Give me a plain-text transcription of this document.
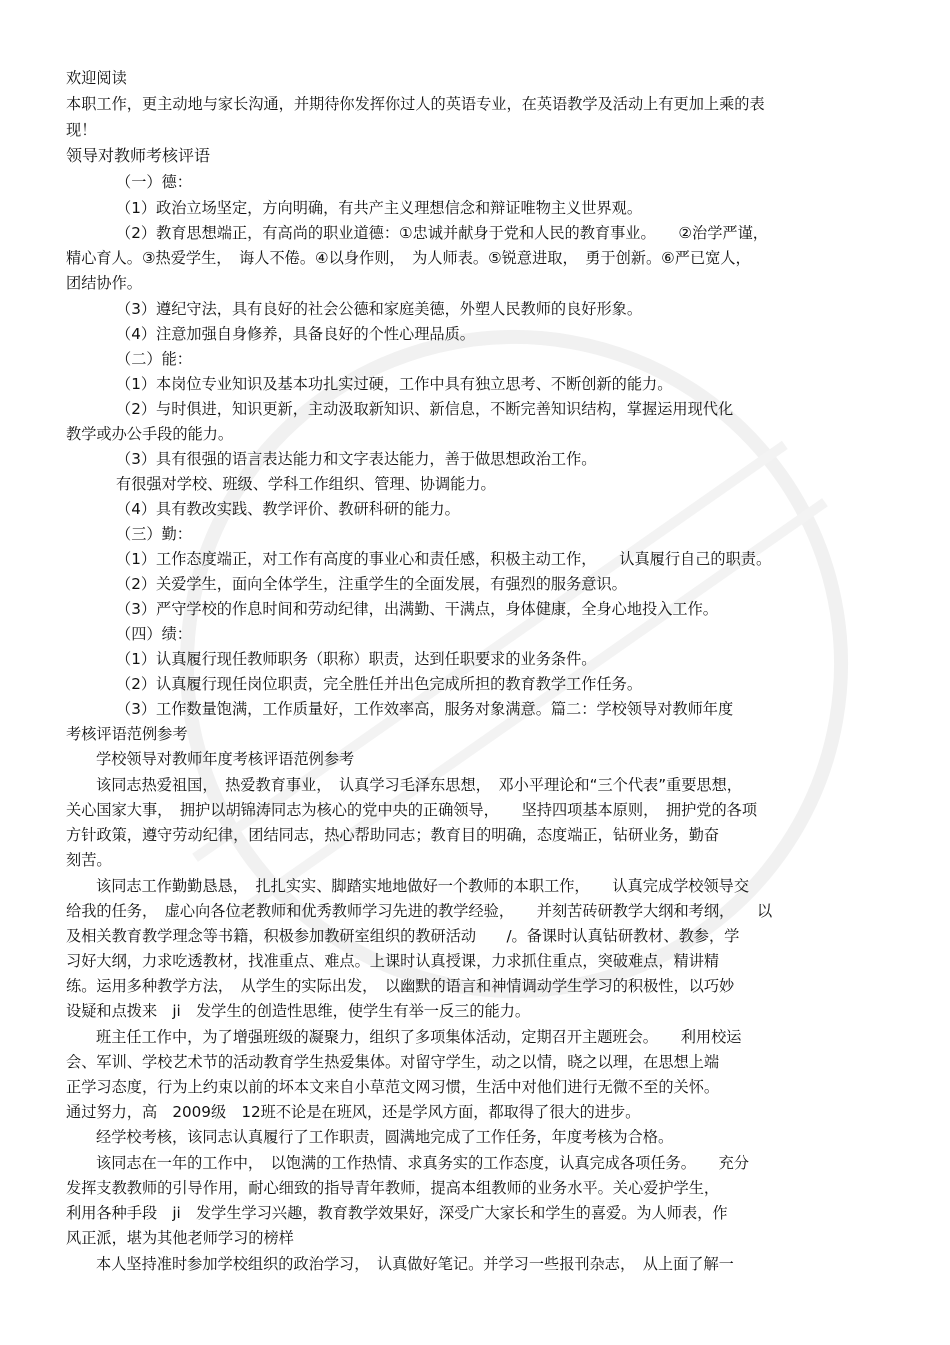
欢迎阅读
本职工作，更主动地与家长沟通，并期待你发挥你过人的英语专业，在英语教学及活动上有更加上乘的表
现！
领导对教师考核评语
（一）德：
（1）政治立场坚定，方向明确，有共产主义理想信念和辩证唯物主义世界观。
（2）教育思想端正，有高尚的职业道德：①忠诚并献身于党和人民的教育事业。　　②治学严谨，
精心育人。③热爱学生，　诲人不倦。④以身作则，　为人师表。⑤锐意进取，　勇于创新。⑥严已宽人，
团结协作。
（3）遵纪守法，具有良好的社会公德和家庭美德，外塑人民教师的良好形象。
（4）注意加强自身修养，具备良好的个性心理品质。
（二）能：
（1）本岗位专业知识及基本功扎实过硬，工作中具有独立思考、不断创新的能力。
（2）与时俱进，知识更新，主动汲取新知识、新信息，不断完善知识结构，掌握运用现代化
教学或办公手段的能力。
（3）具有很强的语言表达能力和文字表达能力，善于做思想政治工作。
有很强对学校、班级、学科工作组织、管理、协调能力。
（4）具有教改实践、教学评价、教研科研的能力。
（三）勤：
（1）工作态度端正，对工作有高度的事业心和责任感，积极主动工作，　　认真履行自己的职责。
（2）关爱学生，面向全体学生，注重学生的全面发展，有强烈的服务意识。
（3）严守学校的作息时间和劳动纪律，出满勤、干满点，身体健康，全身心地投入工作。
（四）绩：
（1）认真履行现任教师职务（职称）职责，达到任职要求的业务条件。
（2）认真履行现任岗位职责，完全胜任并出色完成所担的教育教学工作任务。
（3）工作数量饱满，工作质量好，工作效率高，服务对象满意。篇二：学校领导对教师年度
考核评语范例参考
学校领导对教师年度考核评语范例参考
该同志热爱祖国，　热爱教育事业，　认真学习毛泽东思想，　邓小平理论和“三个代表”重要思想，
关心国家大事，　拥护以胡锦涛同志为核心的党中央的正确领导，　　坚持四项基本原则，　拥护党的各项
方针政策，遵守劳动纪律，团结同志，热心帮助同志；教育目的明确，态度端正，钻研业务，勤奋
刻苦。
该同志工作勤勤恳恳，　扎扎实实、脚踏实地地做好一个教师的本职工作，　　认真完成学校领导交
给我的任务，　虚心向各位老教师和优秀教师学习先进的教学经验，　　并刻苦砖研教学大纲和考纲，　　以
及相关教育教学理念等书籍，积极参加教研室组织的教研活动　　/。备课时认真钻研教材、教参，学
习好大纲，力求吃透教材，找准重点、难点。上课时认真授课，力求抓住重点，突破难点，精讲精
练。运用多种教学方法，　从学生的实际出发，　以幽默的语言和神情调动学生学习的积极性，以巧妙
设疑和点拨来　ji　发学生的创造性思维，使学生有举一反三的能力。
班主任工作中，为了增强班级的凝聚力，组织了多项集体活动，定期召开主题班会。　　利用校运
会、军训、学校艺术节的活动教育学生热爱集体。对留守学生，动之以情，晓之以理，在思想上端
正学习态度，行为上约束以前的坏本文来自小草范文网习惯，生活中对他们进行无微不至的关怀。
通过努力，高　2009级　12班不论是在班风，还是学风方面，都取得了很大的进步。
经学校考核，该同志认真履行了工作职责，圆满地完成了工作任务，年度考核为合格。
该同志在一年的工作中，　以饱满的工作热情、求真务实的工作态度，认真完成各项任务。　　充分
发挥支教教师的引导作用，耐心细致的指导青年教师，提高本组教师的业务水平。关心爱护学生，
利用各种手段　ji　发学生学习兴趣，教育教学效果好，深受广大家长和学生的喜爱。为人师表，作
风正派，堪为其他老师学习的榜样
本人坚持准时参加学校组织的政治学习，　认真做好笔记。并学习一些报刊杂志，　从上面了解一
